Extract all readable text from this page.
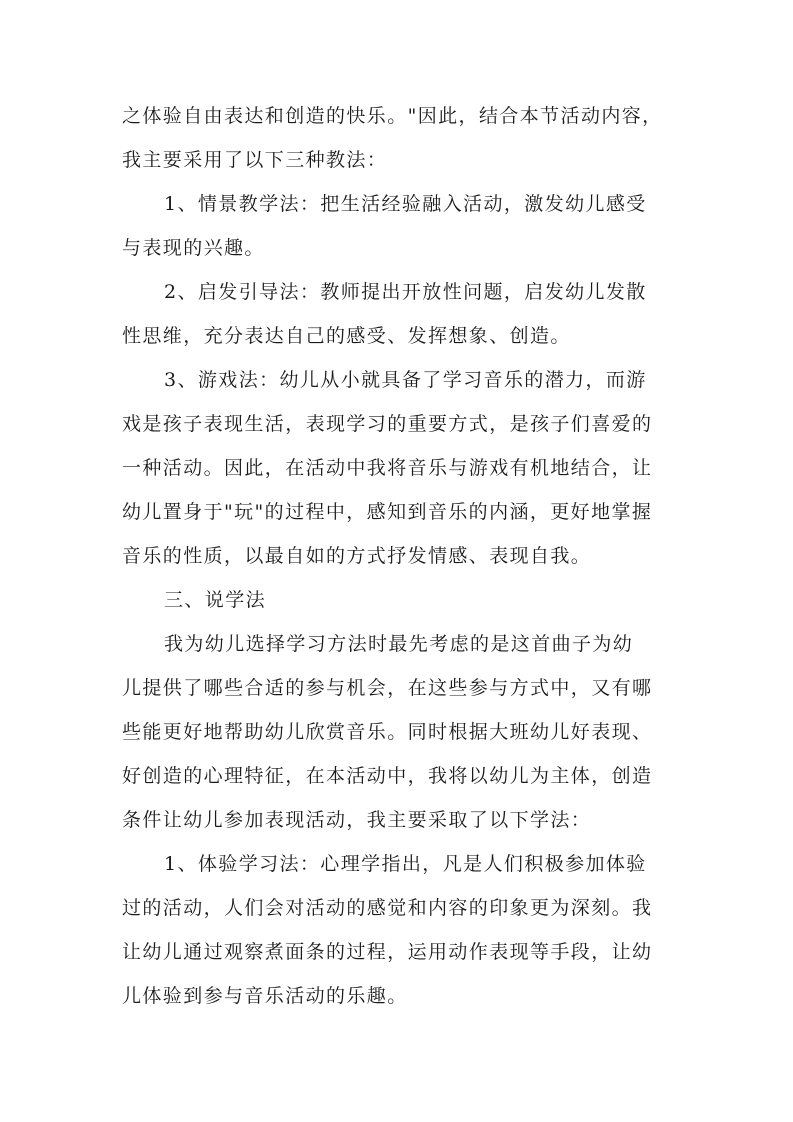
之体验自由表达和创造的快乐。"因此，结合本节活动内容，
我主要采用了以下三种教法：
1、情景教学法：把生活经验融入活动，激发幼儿感受
与表现的兴趣。
2、启发引导法：教师提出开放性问题，启发幼儿发散
性思维，充分表达自己的感受、发挥想象、创造。
3、游戏法：幼儿从小就具备了学习音乐的潜力，而游
戏是孩子表现生活，表现学习的重要方式，是孩子们喜爱的
一种活动。因此，在活动中我将音乐与游戏有机地结合，让
幼儿置身于"玩"的过程中，感知到音乐的内涵，更好地掌握
音乐的性质，以最自如的方式抒发情感、表现自我。
三、说学法
我为幼儿选择学习方法时最先考虑的是这首曲子为幼
儿提供了哪些合适的参与机会，在这些参与方式中，又有哪
些能更好地帮助幼儿欣赏音乐。同时根据大班幼儿好表现、
好创造的心理特征，在本活动中，我将以幼儿为主体，创造
条件让幼儿参加表现活动，我主要采取了以下学法：
1、体验学习法：心理学指出，凡是人们积极参加体验
过的活动，人们会对活动的感觉和内容的印象更为深刻。我
让幼儿通过观察煮面条的过程，运用动作表现等手段，让幼
儿体验到参与音乐活动的乐趣。
